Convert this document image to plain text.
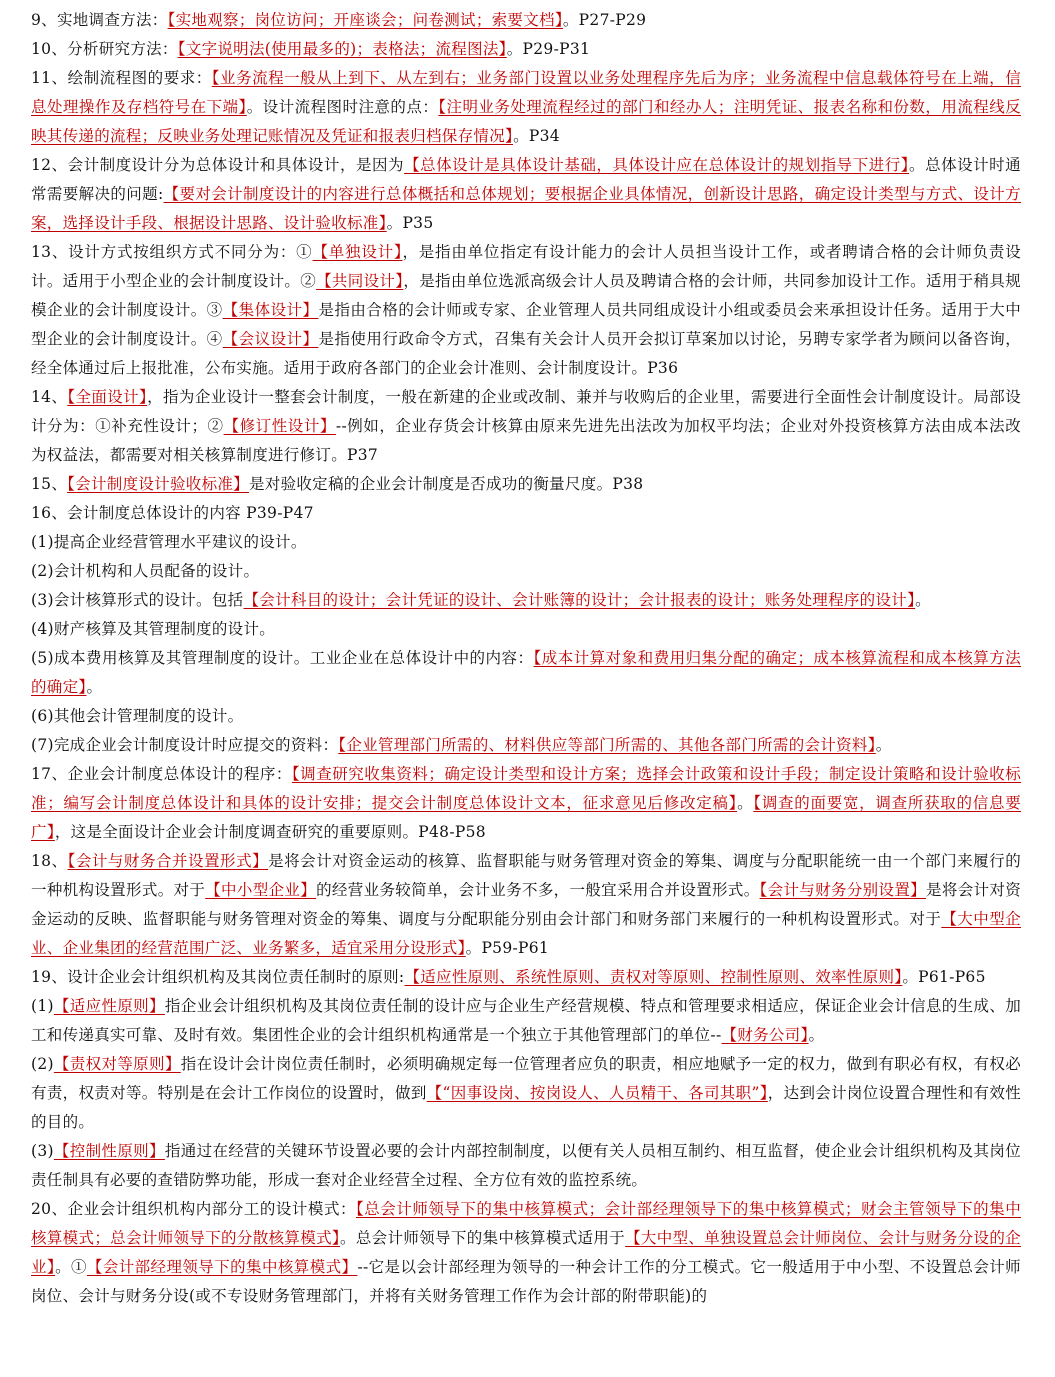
9、实地调查方法：【实地观察；岗位访问；开座谈会；问卷测试；索要文档】。P27-P29

10、分析研究方法：【文字说明法(使用最多的)；表格法；流程图法】。P29-P31

11、绘制流程图的要求：【业务流程一般从上到下、从左到右；业务部门设置以业务处理程序先后为序；业务流程中信息载体符号在上端，信息处理操作及存档符号在下端】。设计流程图时注意的点：【注明业务处理流程经过的部门和经办人；注明凭证、报表名称和份数，用流程线反映其传递的流程；反映业务处理记账情况及凭证和报表归档保存情况】。P34

12、会计制度设计分为总体设计和具体设计，是因为【总体设计是具体设计基础，具体设计应在总体设计的规划指导下进行】。总体设计时通常需要解决的问题:【要对会计制度设计的内容进行总体概括和总体规划；要根据企业具体情况，创新设计思路，确定设计类型与方式、设计方案，选择设计手段、根据设计思路、设计验收标准】。P35

13、设计方式按组织方式不同分为：①【单独设计】，是指由单位指定有设计能力的会计人员担当设计工作，或者聘请合格的会计师负责设计。适用于小型企业的会计制度设计。②【共同设计】，是指由单位选派高级会计人员及聘请合格的会计师，共同参加设计工作。适用于稍具规模企业的会计制度设计。③【集体设计】是指由合格的会计师或专家、企业管理人员共同组成设计小组或委员会来承担设计任务。适用于大中型企业的会计制度设计。④【会议设计】是指使用行政命令方式，召集有关会计人员开会拟订草案加以讨论，另聘专家学者为顾问以备咨询，经全体通过后上报批准，公布实施。适用于政府各部门的企业会计准则、会计制度设计。P36

14、【全面设计】，指为企业设计一整套会计制度，一般在新建的企业或改制、兼并与收购后的企业里，需要进行全面性会计制度设计。局部设计分为：①补充性设计；②【修订性设计】--例如，企业存货会计核算由原来先进先出法改为加权平均法；企业对外投资核算方法由成本法改为权益法，都需要对相关核算制度进行修订。P37

15、【会计制度设计验收标准】是对验收定稿的企业会计制度是否成功的衡量尺度。P38

16、会计制度总体设计的内容 P39-P47

(1)提高企业经营管理水平建议的设计。

(2)会计机构和人员配备的设计。

(3)会计核算形式的设计。包括【会计科目的设计；会计凭证的设计、会计账簿的设计；会计报表的设计；账务处理程序的设计】。

(4)财产核算及其管理制度的设计。

(5)成本费用核算及其管理制度的设计。工业企业在总体设计中的内容：【成本计算对象和费用归集分配的确定；成本核算流程和成本核算方法的确定】。

(6)其他会计管理制度的设计。

(7)完成企业会计制度设计时应提交的资料：【企业管理部门所需的、材料供应等部门所需的、其他各部门所需的会计资料】。

17、企业会计制度总体设计的程序：【调查研究收集资料；确定设计类型和设计方案；选择会计政策和设计手段；制定设计策略和设计验收标准；编写会计制度总体设计和具体的设计安排；提交会计制度总体设计文本，征求意见后修改定稿】。【调查的面要宽，调查所获取的信息要广】，这是全面设计企业会计制度调查研究的重要原则。P48-P58

18、【会计与财务合并设置形式】是将会计对资金运动的核算、监督职能与财务管理对资金的筹集、调度与分配职能统一由一个部门来履行的一种机构设置形式。对于【中小型企业】的经营业务较简单，会计业务不多，一般宜采用合并设置形式。【会计与财务分别设置】是将会计对资金运动的反映、监督职能与财务管理对资金的筹集、调度与分配职能分别由会计部门和财务部门来履行的一种机构设置形式。对于【大中型企业、企业集团的经营范围广泛、业务繁多，适宜采用分设形式】。P59-P61

19、设计企业会计组织机构及其岗位责任制时的原则:【适应性原则、系统性原则、责权对等原则、控制性原则、效率性原则】。P61-P65

(1)【适应性原则】指企业会计组织机构及其岗位责任制的设计应与企业生产经营规模、特点和管理要求相适应，保证企业会计信息的生成、加工和传递真实可靠、及时有效。集团性企业的会计组织机构通常是一个独立于其他管理部门的单位--【财务公司】。

(2)【责权对等原则】指在设计会计岗位责任制时，必须明确规定每一位管理者应负的职责，相应地赋予一定的权力，做到有职必有权，有权必有责，权责对等。特别是在会计工作岗位的设置时，做到【“因事设岗、按岗设人、人员精干、各司其职”】，达到会计岗位设置合理性和有效性的目的。

(3)【控制性原则】指通过在经营的关键环节设置必要的会计内部控制制度，以便有关人员相互制约、相互监督，使企业会计组织机构及其岗位责任制具有必要的查错防弊功能，形成一套对企业经营全过程、全方位有效的监控系统。

20、企业会计组织机构内部分工的设计模式：【总会计师领导下的集中核算模式；会计部经理领导下的集中核算模式；财会主管领导下的集中核算模式；总会计师领导下的分散核算模式】。总会计师领导下的集中核算模式适用于【大中型、单独设置总会计师岗位、会计与财务分设的企业】。①【会计部经理领导下的集中核算模式】--它是以会计部经理为领导的一种会计工作的分工模式。它一般适用于中小型、不设置总会计师岗位、会计与财务分设(或不专设财务管理部门，并将有关财务管理工作作为会计部的附带职能)的
